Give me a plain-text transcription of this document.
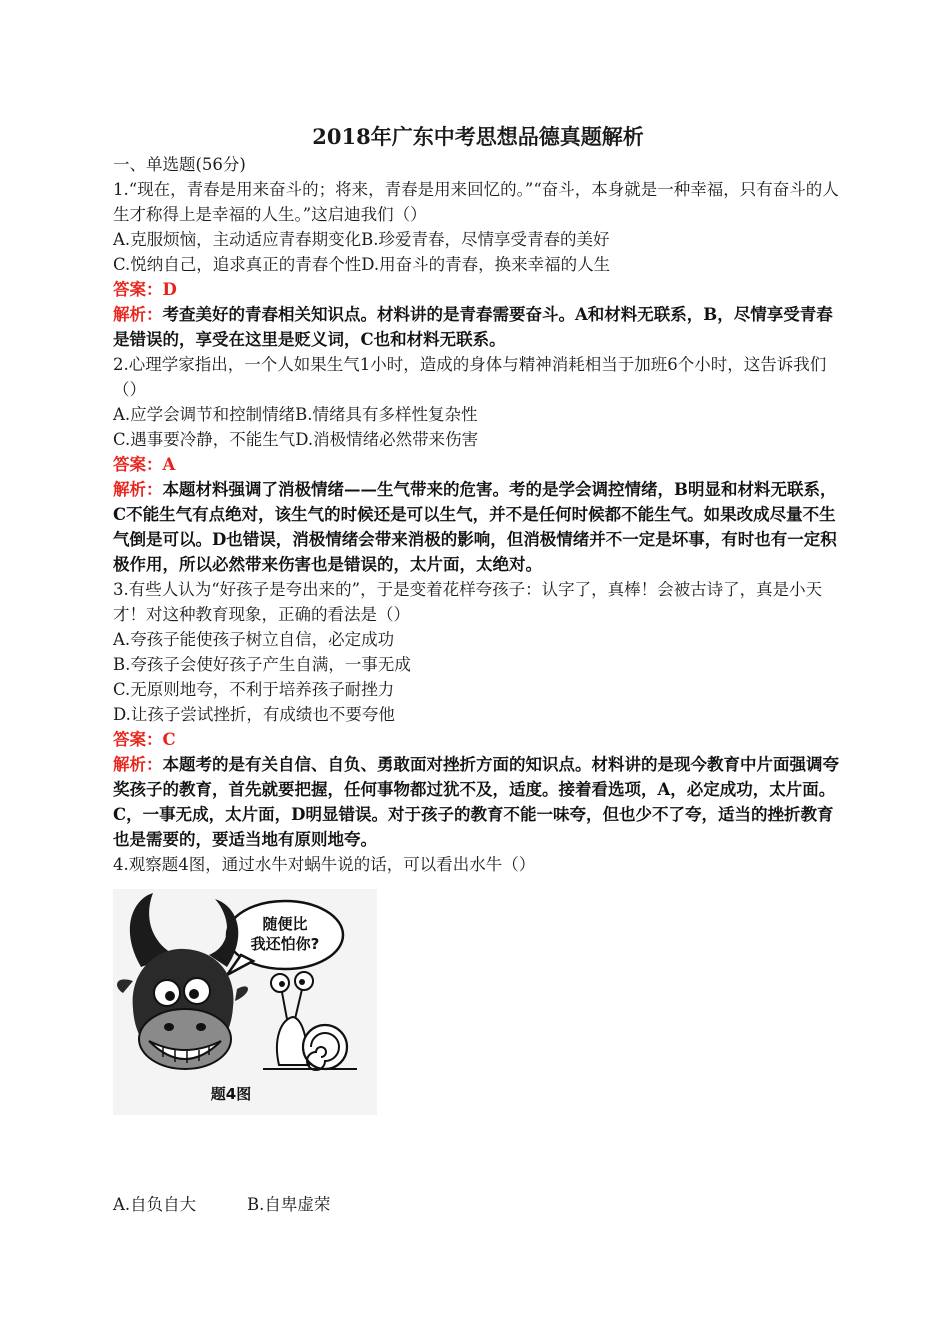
2018年广东中考思想品德真题解析
一、单选题(56分)
1.“现在，青春是用来奋斗的；将来，青春是用来回忆的。”“奋斗，本身就是一种幸福，只有奋斗的人生才称得上是幸福的人生。”这启迪我们（）
A.克服烦恼，主动适应青春期变化B.珍爱青春，尽情享受青春的美好
C.悦纳自己，追求真正的青春个性D.用奋斗的青春，换来幸福的人生
答案：D
解析：考查美好的青春相关知识点。材料讲的是青春需要奋斗。A和材料无联系，B，尽情享受青春是错误的，享受在这里是贬义词，C也和材料无联系。
2.心理学家指出，一个人如果生气1小时，造成的身体与精神消耗相当于加班6个小时，这告诉我们（）
A.应学会调节和控制情绪B.情绪具有多样性复杂性
C.遇事要冷静，不能生气D.消极情绪必然带来伤害
答案：A
解析：本题材料强调了消极情绪——生气带来的危害。考的是学会调控情绪，B明显和材料无联系，C不能生气有点绝对，该生气的时候还是可以生气，并不是任何时候都不能生气。如果改成尽量不生气倒是可以。D也错误，消极情绪会带来消极的影响，但消极情绪并不一定是坏事，有时也有一定积极作用，所以必然带来伤害也是错误的，太片面，太绝对。
3.有些人认为“好孩子是夸出来的”，于是变着花样夸孩子：认字了，真棒！会被古诗了，真是小天才！对这种教育现象，正确的看法是（）
A.夸孩子能使孩子树立自信，必定成功
B.夸孩子会使好孩子产生自满，一事无成
C.无原则地夸，不利于培养孩子耐挫力
D.让孩子尝试挫折，有成绩也不要夸他
答案：C
解析：本题考的是有关自信、自负、勇敢面对挫折方面的知识点。材料讲的是现今教育中片面强调夸奖孩子的教育，首先就要把握，任何事物都过犹不及，适度。接着看选项，A，必定成功，太片面。C，一事无成，太片面，D明显错误。对于孩子的教育不能一味夸，但也少不了夸，适当的挫折教育也是需要的，要适当地有原则地夸。
4.观察题4图，通过水牛对蜗牛说的话，可以看出水牛（）
随便比
我还怕你?
题4图
A.自负自大	B.自卑虚荣
